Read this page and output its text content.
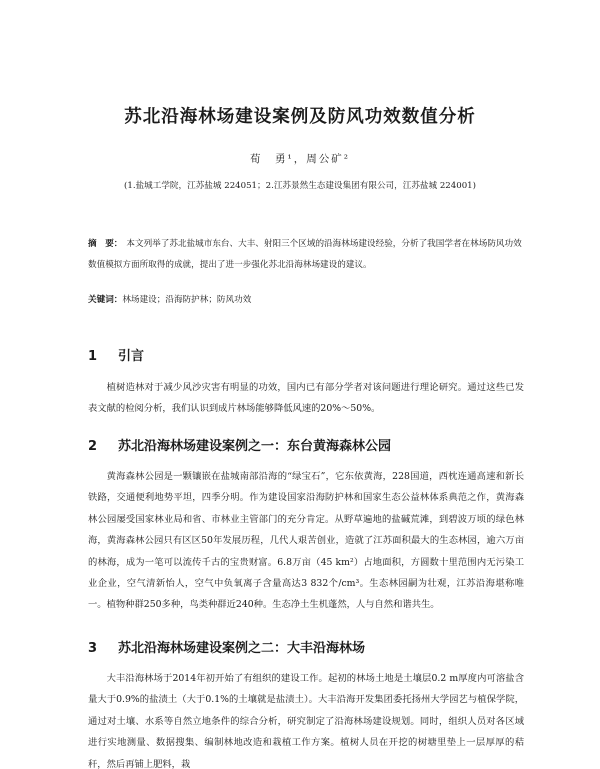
苏北沿海林场建设案例及防风功效数值分析
荀　勇¹，周公矿²
(1.盐城工学院，江苏盐城 224051；2.江苏景然生态建设集团有限公司，江苏盐城 224001)
摘　要： 本文列举了苏北盐城市东台、大丰、射阳三个区域的沿海林场建设经验，分析了我国学者在林场防风功效数值模拟方面所取得的成就，提出了进一步强化苏北沿海林场建设的建议。
关键词：林场建设；沿海防护林；防风功效
1 引言
植树造林对于减少风沙灾害有明显的功效，国内已有部分学者对该问题进行理论研究。通过这些已发表文献的检阅分析，我们认识到成片林场能够降低风速的20%～50%。
2 苏北沿海林场建设案例之一：东台黄海森林公园
黄海森林公园是一颗镶嵌在盐城南部沿海的“绿宝石”，它东依黄海，228国道，西枕连通高速和新长铁路，交通便利地势平坦，四季分明。作为建设国家沿海防护林和国家生态公益林体系典范之作，黄海森林公园屡受国家林业局和省、市林业主管部门的充分肯定。从野草遍地的盐碱荒滩，到碧波万顷的绿色林海，黄海森林公园只有区区50年发展历程，几代人艰苦创业，造就了江苏面积最大的生态林园，逾六万亩的林海，成为一笔可以流传千古的宝贵财富。6.8万亩（45 km²）占地面积，方圆数十里范围内无污染工业企业，空气清新怡人，空气中负氧离子含量高达3 832个/cm³。生态林园嗣为壮观，江苏沿海堪称唯一。植物种群250多种，鸟类种群近240种。生态净土生机蓬然，人与自然和谐共生。
3 苏北沿海林场建设案例之二：大丰沿海林场
大丰沿海林场于2014年初开始了有组织的建设工作。起初的林场土地是土壤层0.2 m厚度内可溶盐含量大于0.9%的盐渍土（大于0.1%的土壤就是盐渍土）。大丰沿海开发集团委托扬州大学园艺与植保学院，通过对土壤、水系等自然立地条件的综合分析，研究制定了沿海林场建设规划。同时，组织人员对各区域进行实地测量、数据搜集、编制林地改造和栽植工作方案。植树人员在开挖的树塘里垫上一层厚厚的秸秆，然后再铺上肥料，栽
